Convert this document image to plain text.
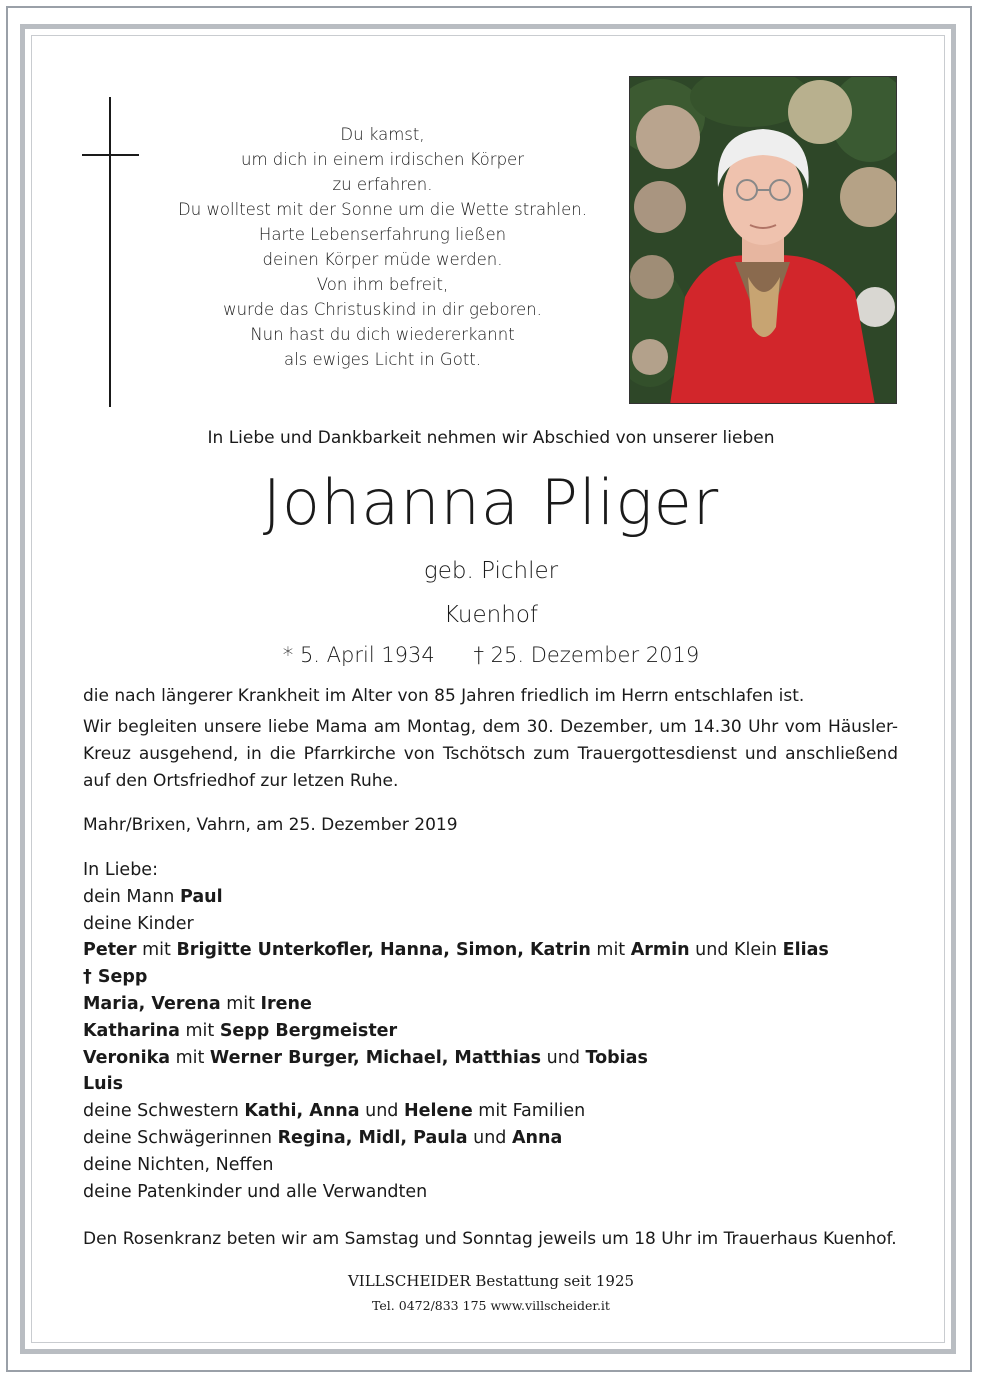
Du kamst,
um dich in einem irdischen Körper
zu erfahren.
Du wolltest mit der Sonne um die Wette strahlen.
Harte Lebenserfahrung ließen
deinen Körper müde werden.
Von ihm befreit,
wurde das Christuskind in dir geboren.
Nun hast du dich wiedererkannt
als ewiges Licht in Gott.
In Liebe und Dankbarkeit nehmen wir Abschied von unserer lieben
Johanna Pliger
geb. Pichler
Kuenhof
* 5. April 1934 † 25. Dezember 2019
die nach längerer Krankheit im Alter von 85 Jahren friedlich im Herrn entschlafen ist.
Wir begleiten unsere liebe Mama am Montag, dem 30. Dezember, um 14.30 Uhr vom Häusler-Kreuz ausgehend, in die Pfarrkirche von Tschötsch zum Trauergottesdienst und anschließend auf den Ortsfriedhof zur letzen Ruhe.
Mahr/Brixen, Vahrn, am 25. Dezember 2019
In Liebe:
dein Mann Paul
deine Kinder
Peter mit Brigitte Unterkofler, Hanna, Simon, Katrin mit Armin und Klein Elias
† Sepp
Maria, Verena mit Irene
Katharina mit Sepp Bergmeister
Veronika mit Werner Burger, Michael, Matthias und Tobias
Luis
deine Schwestern Kathi, Anna und Helene mit Familien
deine Schwägerinnen Regina, Midl, Paula und Anna
deine Nichten, Neffen
deine Patenkinder und alle Verwandten
Den Rosenkranz beten wir am Samstag und Sonntag jeweils um 18 Uhr im Trauerhaus Kuenhof.
VILLSCHEIDER Bestattung seit 1925
Tel. 0472/833 175 www.villscheider.it
